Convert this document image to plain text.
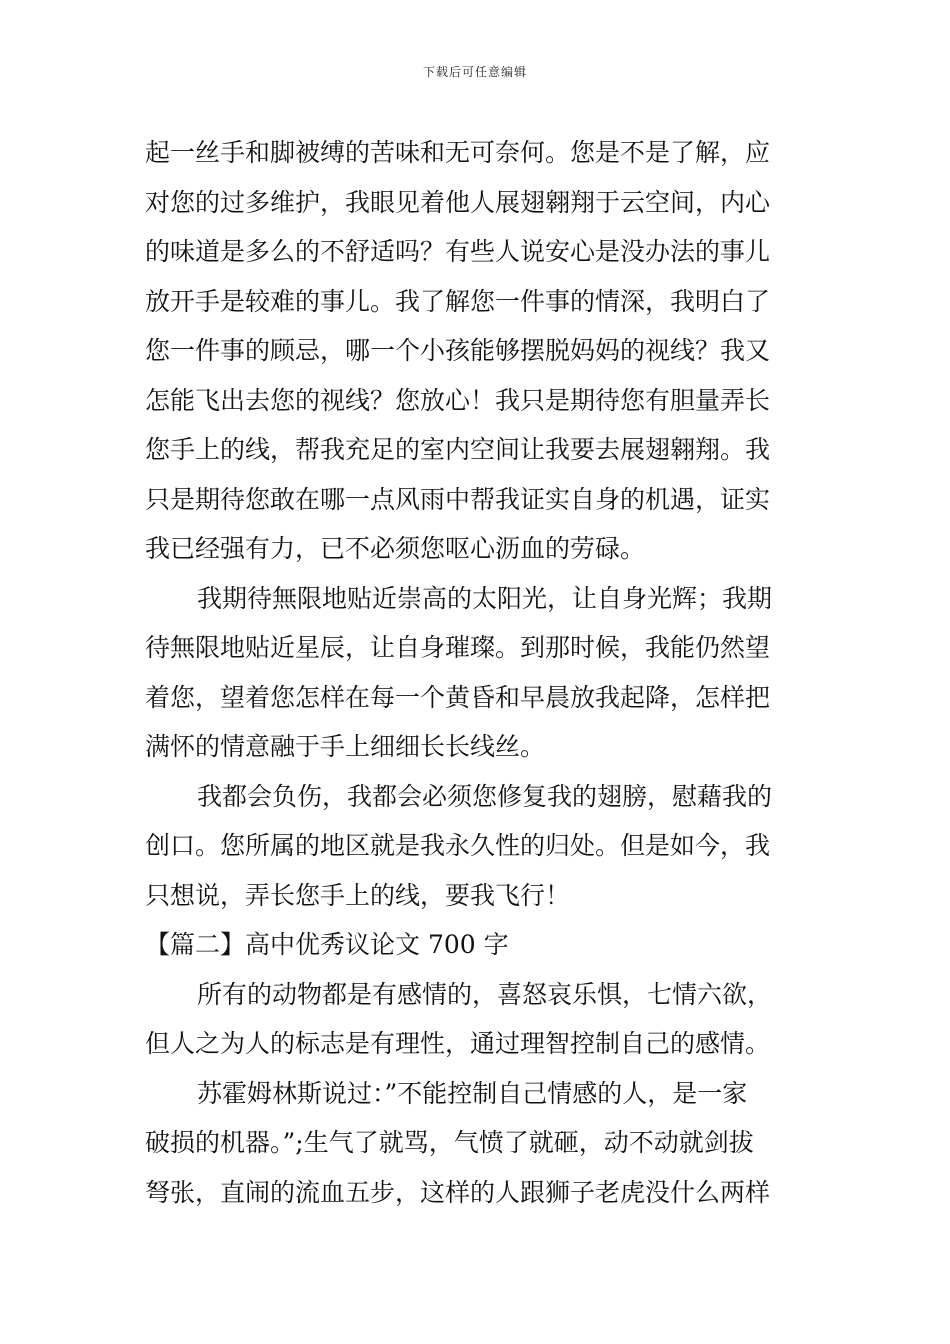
下载后可任意编辑
起一丝手和脚被缚的苦味和无可奈何。您是不是了解，应
对您的过多维护，我眼见着他人展翅翱翔于云空间，内心
的味道是多么的不舒适吗？有些人说安心是没办法的事儿
放开手是较难的事儿。我了解您一件事的情深，我明白了
您一件事的顾忌，哪一个小孩能够摆脱妈妈的视线？我又
怎能飞出去您的视线？您放心！我只是期待您有胆量弄长
您手上的线，帮我充足的室内空间让我要去展翅翱翔。我
只是期待您敢在哪一点风雨中帮我证实自身的机遇，证实
我已经强有力，已不必须您呕心沥血的劳碌。
我期待無限地贴近崇高的太阳光，让自身光辉；我期
待無限地贴近星辰，让自身璀璨。到那时候，我能仍然望
着您，望着您怎样在每一个黄昏和早晨放我起降，怎样把
满怀的情意融于手上细细长长线丝。
我都会负伤，我都会必须您修复我的翅膀，慰藉我的
创口。您所属的地区就是我永久性的归处。但是如今，我
只想说，弄长您手上的线，要我飞行！
【篇二】高中优秀议论文 700 字
所有的动物都是有感情的，喜怒哀乐惧，七情六欲，
但人之为人的标志是有理性，通过理智控制自己的感情。
苏霍姆林斯说过：”不能控制自己情感的人，是一家
破损的机器。”;生气了就骂，气愤了就砸，动不动就剑拔
弩张，直闹的流血五步，这样的人跟狮子老虎没什么两样
